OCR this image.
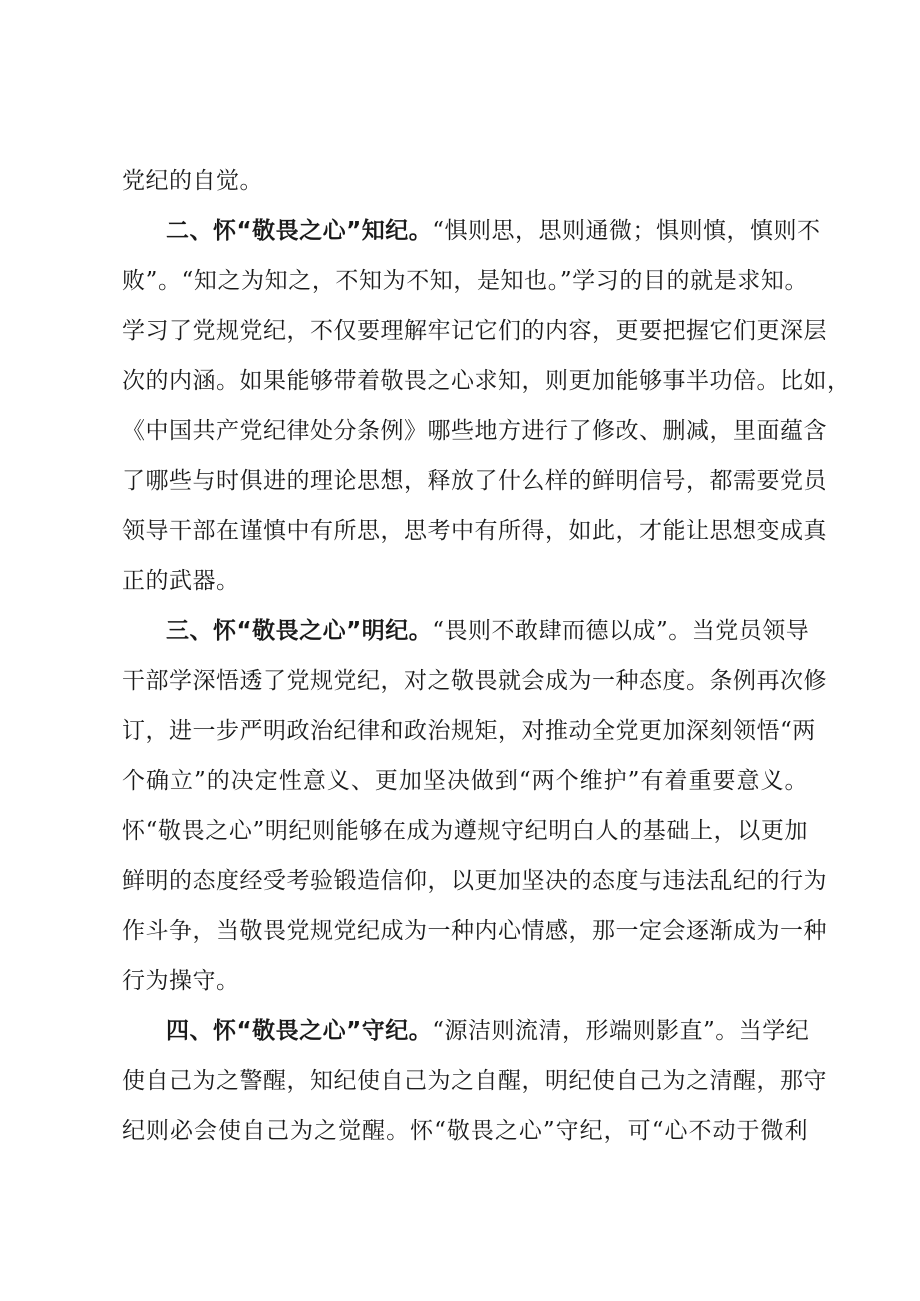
党纪的自觉。
二、怀“敬畏之心”知纪。“惧则思，思则通微；惧则慎，慎则不
败”。“知之为知之，不知为不知，是知也。”学习的目的就是求知。
学习了党规党纪，不仅要理解牢记它们的内容，更要把握它们更深层
次的内涵。如果能够带着敬畏之心求知，则更加能够事半功倍。比如，
《中国共产党纪律处分条例》哪些地方进行了修改、删减，里面蕴含
了哪些与时俱进的理论思想，释放了什么样的鲜明信号，都需要党员
领导干部在谨慎中有所思，思考中有所得，如此，才能让思想变成真
正的武器。
三、怀“敬畏之心”明纪。“畏则不敢肆而德以成”。当党员领导
干部学深悟透了党规党纪，对之敬畏就会成为一种态度。条例再次修
订，进一步严明政治纪律和政治规矩，对推动全党更加深刻领悟“两
个确立”的决定性意义、更加坚决做到“两个维护”有着重要意义。
怀“敬畏之心”明纪则能够在成为遵规守纪明白人的基础上，以更加
鲜明的态度经受考验锻造信仰，以更加坚决的态度与违法乱纪的行为
作斗争，当敬畏党规党纪成为一种内心情感，那一定会逐渐成为一种
行为操守。
四、怀“敬畏之心”守纪。“源洁则流清，形端则影直”。当学纪
使自己为之警醒，知纪使自己为之自醒，明纪使自己为之清醒，那守
纪则必会使自己为之觉醒。怀“敬畏之心”守纪，可“心不动于微利
